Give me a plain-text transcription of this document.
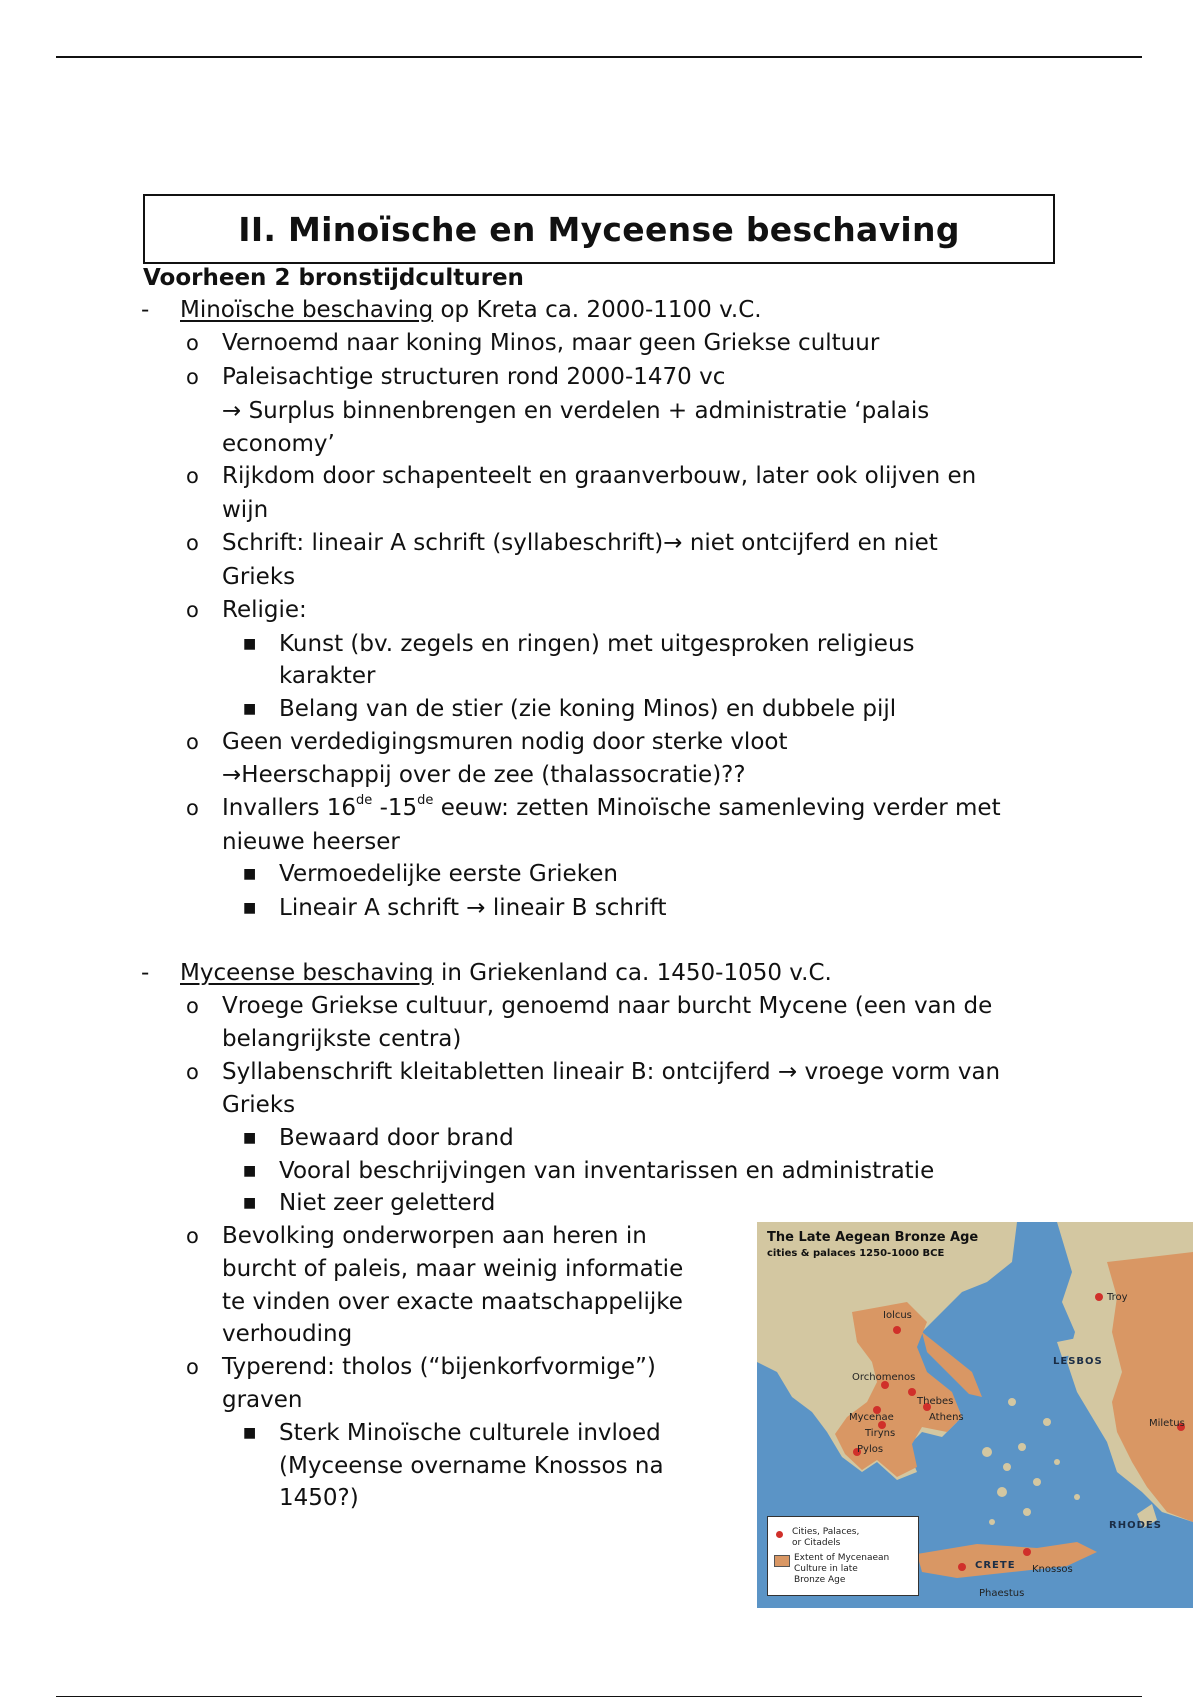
II. Minoïsche en Myceense beschaving
Voorheen 2 bronstijdculturen
- Minoïsche beschaving op Kreta ca. 2000-1100 v.C.
o Vernoemd naar koning Minos, maar geen Griekse cultuur
o Paleisachtige structuren rond 2000-1470 vc
→ Surplus binnenbrengen en verdelen + administratie ‘palais
economy’
o Rijkdom door schapenteelt en graanverbouw, later ook olijven en
wijn
o Schrift: lineair A schrift (syllabeschrift)→ niet ontcijferd en niet
Grieks
o Religie:
■ Kunst (bv. zegels en ringen) met uitgesproken religieus
karakter
■ Belang van de stier (zie koning Minos) en dubbele pijl
o Geen verdedigingsmuren nodig door sterke vloot
→Heerschappij over de zee (thalassocratie)??
o Invallers 16de -15de eeuw: zetten Minoïsche samenleving verder met
nieuwe heerser
■ Vermoedelijke eerste Grieken
■ Lineair A schrift → lineair B schrift
- Myceense beschaving in Griekenland ca. 1450-1050 v.C.
o Vroege Griekse cultuur, genoemd naar burcht Mycene (een van de
belangrijkste centra)
o Syllabenschrift kleitabletten lineair B: ontcijferd → vroege vorm van
Grieks
■ Bewaard door brand
■ Vooral beschrijvingen van inventarissen en administratie
■ Niet zeer geletterd
o Bevolking onderworpen aan heren in
burcht of paleis, maar weinig informatie
te vinden over exacte maatschappelijke
verhouding
o Typerend: tholos (“bijenkorfvormige”)
graven
■ Sterk Minoïsche culturele invloed
(Myceense overname Knossos na
1450?)
The Late Aegean Bronze Age
cities & palaces 1250-1000 BCE
Troy
Iolcus
LESBOS
Orchomenos
Thebes
Athens
Mycenae
Tiryns
Miletus
Pylos
RHODES
CRETE Knossos
Phaestus
Cities, Palaces,
or Citadels
Extent of Mycenaean
Culture in late
Bronze Age
